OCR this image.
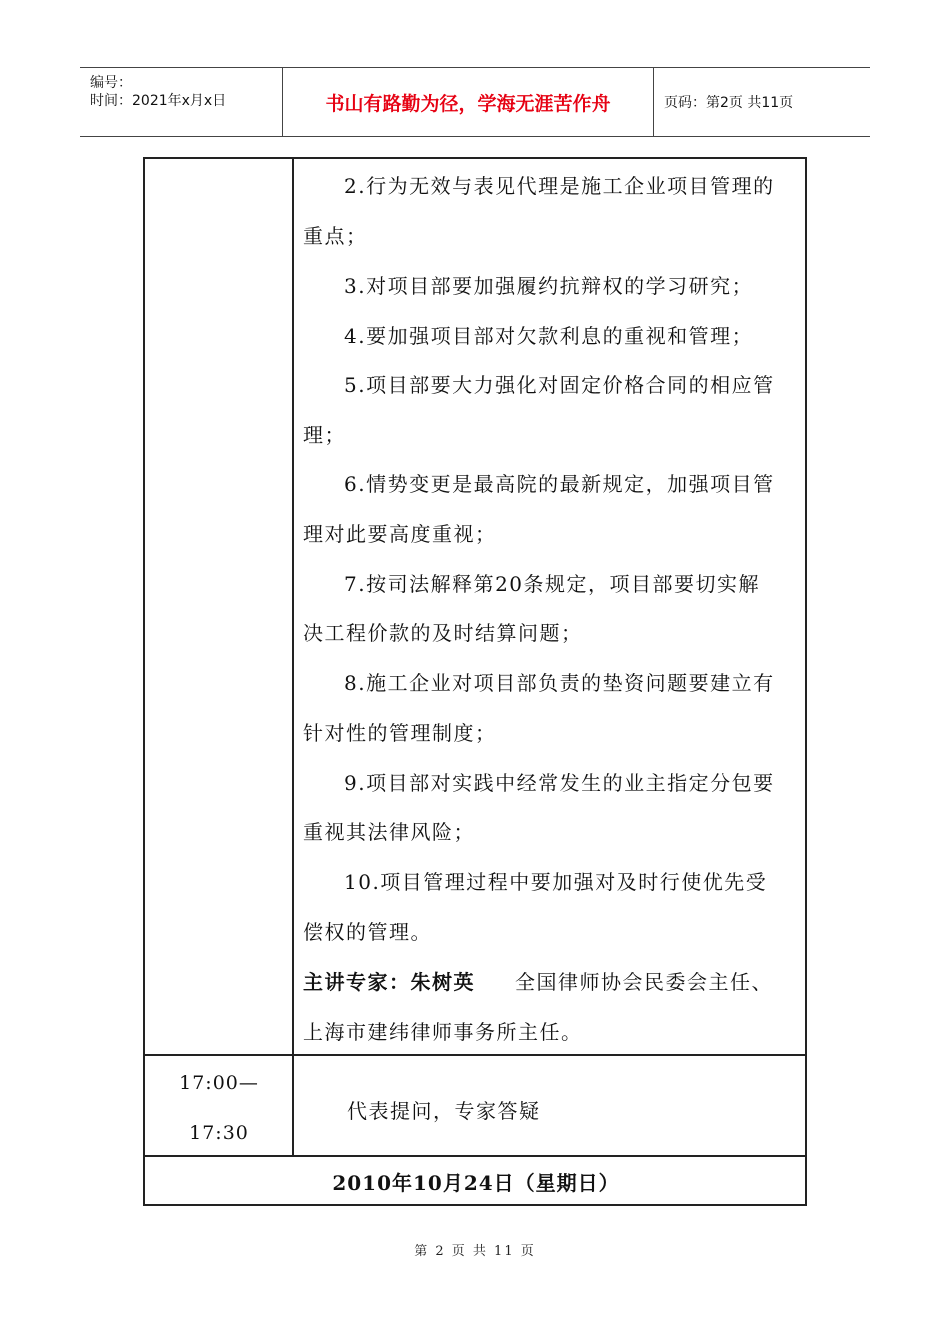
编号：
时间：2021年x月x日	书山有路勤为径，学海无涯苦作舟	页码：第2页 共11页
2.行为无效与表见代理是施工企业项目管理的
重点；
3.对项目部要加强履约抗辩权的学习研究；
4.要加强项目部对欠款利息的重视和管理；
5.项目部要大力强化对固定价格合同的相应管
理；
6.情势变更是最高院的最新规定，加强项目管
理对此要高度重视；
7.按司法解释第20条规定，项目部要切实解
决工程价款的及时结算问题；
8.施工企业对项目部负责的垫资问题要建立有
针对性的管理制度；
9.项目部对实践中经常发生的业主指定分包要
重视其法律风险；
10.项目管理过程中要加强对及时行使优先受
偿权的管理。
主讲专家：朱树英 全国律师协会民委会主任、
上海市建纬律师事务所主任。
17:00—
17:30
代表提问，专家答疑
2010年10月24日（星期日）
第 2 页 共 11 页
